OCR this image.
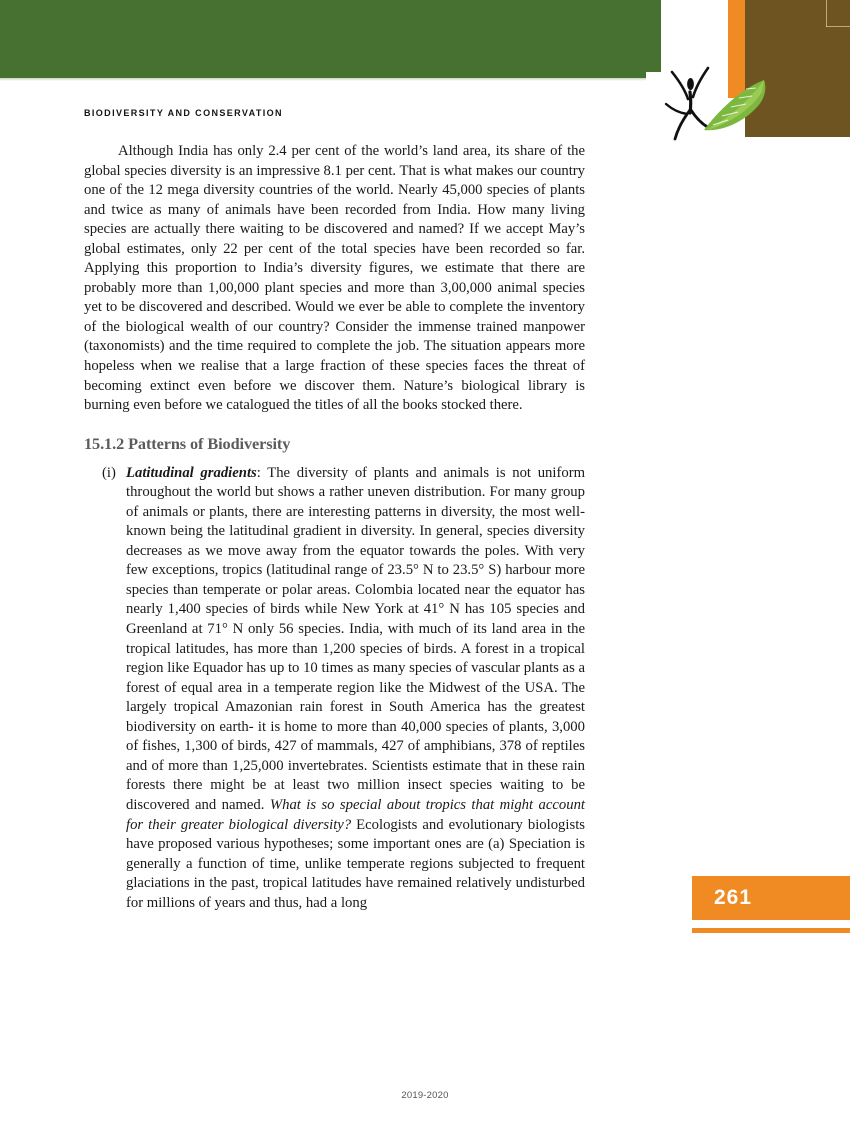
BIODIVERSITY AND CONSERVATION

Although India has only 2.4 per cent of the world’s land area, its share of the global species diversity is an impressive 8.1 per cent. That is what makes our country one of the 12 mega diversity countries of the world. Nearly 45,000 species of plants and twice as many of animals have been recorded from India. How many living species are actually there waiting to be discovered and named? If we accept May’s global estimates, only 22 per cent of the total species have been recorded so far. Applying this proportion to India’s diversity figures, we estimate that there are probably more than 1,00,000 plant species and more than 3,00,000 animal species yet to be discovered and described. Would we ever be able to complete the inventory of the biological wealth of our country? Consider the immense trained manpower (taxonomists) and the time required to complete the job. The situation appears more hopeless when we realise that a large fraction of these species faces the threat of becoming extinct even before we discover them. Nature’s biological library is burning even before we catalogued the titles of all the books stocked there.

15.1.2 Patterns of Biodiversity
(i) Latitudinal gradients: The diversity of plants and animals is not uniform throughout the world but shows a rather uneven distribution. For many group of animals or plants, there are interesting patterns in diversity, the most well- known being the latitudinal gradient in diversity. In general, species diversity decreases as we move away from the equator towards the poles. With very few exceptions, tropics (latitudinal range of 23.5° N to 23.5° S) harbour more species than temperate or polar areas. Colombia located near the equator has nearly 1,400 species of birds while New York at 41° N has 105 species and Greenland at 71° N only 56 species. India, with much of its land area in the tropical latitudes, has more than 1,200 species of birds. A forest in a tropical region like Equador has up to 10 times as many species of vascular plants as a forest of equal area in a temperate region like the Midwest of the USA. The largely tropical Amazonian rain forest in South America has the greatest biodiversity on earth- it is home to more than 40,000 species of plants, 3,000 of fishes, 1,300 of birds, 427 of mammals, 427 of amphibians, 378 of reptiles and of more than 1,25,000 invertebrates. Scientists estimate that in these rain forests there might be at least two million insect species waiting to be discovered and named. What is so special about tropics that might account for their greater biological diversity? Ecologists and evolutionary biologists have proposed various hypotheses; some important ones are (a) Speciation is generally a function of time, unlike temperate regions subjected to frequent glaciations in the past, tropical latitudes have remained relatively undisturbed for millions of years and thus, had a long	261
2019-2020
